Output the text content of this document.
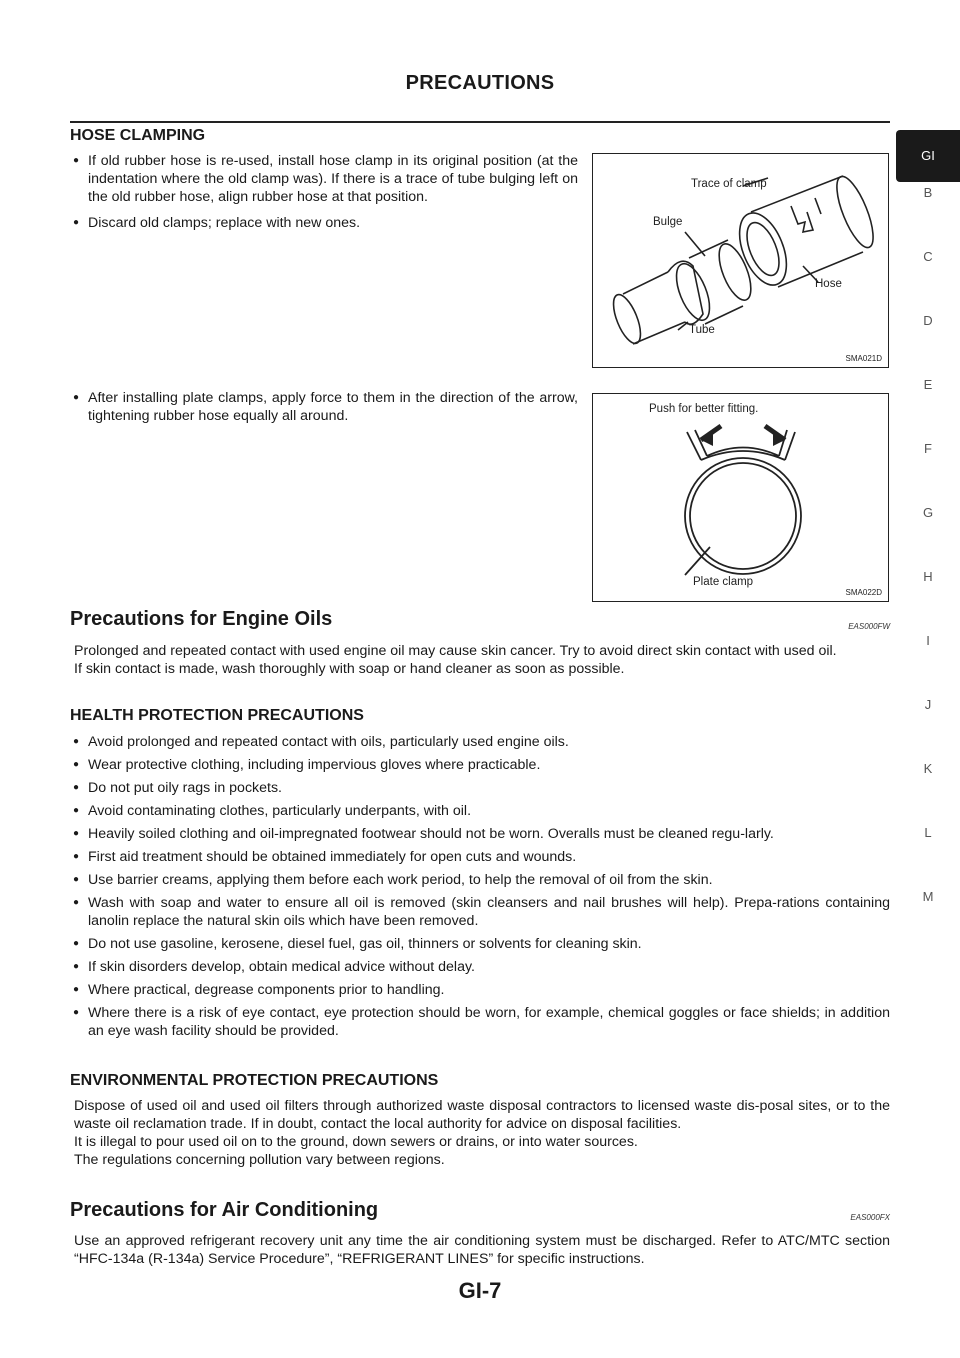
PRECAUTIONS
GI
B
C
D
E
F
G
H
I
J
K
L
M

HOSE CLAMPING

● If old rubber hose is re-used, install hose clamp in its original position (at the indentation where the old clamp was). If there is a trace of tube bulging left on the old rubber hose, align rubber hose at that position.
● Discard old clamps; replace with new ones.
Trace of clamp
Bulge
Hose
Tube
SMA021D
● After installing plate clamps, apply force to them in the direction of the arrow, tightening rubber hose equally all around.	Push for better fitting.
Plate clamp
SMA022D

Precautions for Engine Oils	EAS000FW

Prolonged and repeated contact with used engine oil may cause skin cancer. Try to avoid direct skin contact with used oil.

If skin contact is made, wash thoroughly with soap or hand cleaner as soon as possible.

HEALTH PROTECTION PRECAUTIONS

● Avoid prolonged and repeated contact with oils, particularly used engine oils.
● Wear protective clothing, including impervious gloves where practicable.
● Do not put oily rags in pockets.
● Avoid contaminating clothes, particularly underpants, with oil.
● Heavily soiled clothing and oil-impregnated footwear should not be worn. Overalls must be cleaned regu-larly.
● First aid treatment should be obtained immediately for open cuts and wounds.
● Use barrier creams, applying them before each work period, to help the removal of oil from the skin.
● Wash with soap and water to ensure all oil is removed (skin cleansers and nail brushes will help). Prepa-rations containing lanolin replace the natural skin oils which have been removed.
● Do not use gasoline, kerosene, diesel fuel, gas oil, thinners or solvents for cleaning skin.
● If skin disorders develop, obtain medical advice without delay.
● Where practical, degrease components prior to handling.
● Where there is a risk of eye contact, eye protection should be worn, for example, chemical goggles or face shields; in addition an eye wash facility should be provided.

ENVIRONMENTAL PROTECTION PRECAUTIONS

Dispose of used oil and used oil filters through authorized waste disposal contractors to licensed waste dis-posal sites, or to the waste oil reclamation trade. If in doubt, contact the local authority for advice on disposal facilities.

It is illegal to pour used oil on to the ground, down sewers or drains, or into water sources.

The regulations concerning pollution vary between regions.

Precautions for Air Conditioning	EAS000FX

Use an approved refrigerant recovery unit any time the air conditioning system must be discharged. Refer to ATC/MTC section “HFC-134a (R-134a) Service Procedure”, “REFRIGERANT LINES” for specific instructions.

GI-7
